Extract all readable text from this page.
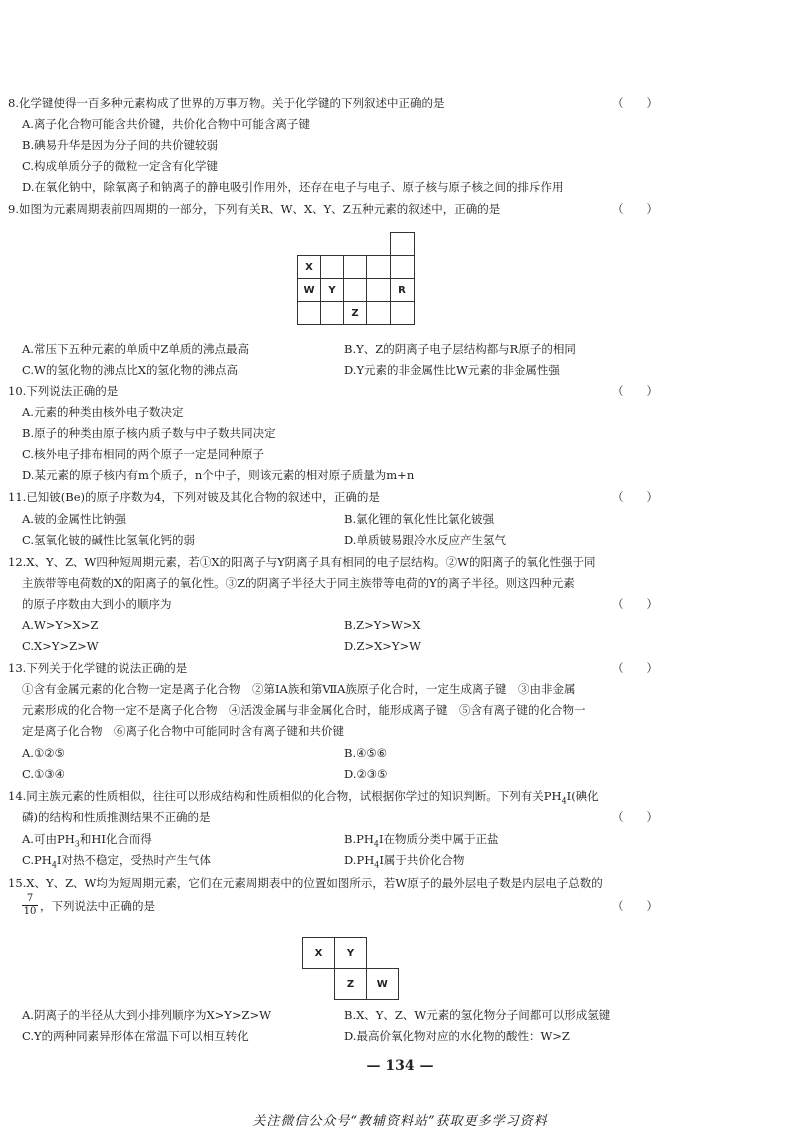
8.化学键使得一百多种元素构成了世界的万事万物。关于化学键的下列叙述中正确的是	（　　）
A.离子化合物可能含共价键，共价化合物中可能含离子键
B.碘易升华是因为分子间的共价键较弱
C.构成单质分子的微粒一定含有化学键
D.在氧化钠中，除氧离子和钠离子的静电吸引作用外，还存在电子与电子、原子核与原子核之间的排斥作用
9.如图为元素周期表前四周期的一部分，下列有关R、W、X、Y、Z五种元素的叙述中，正确的是	（　　）

X				
W	Y			R
		Z		
A.常压下五种元素的单质中Z单质的沸点最高	B.Y、Z的阴离子电子层结构都与R原子的相同
C.W的氢化物的沸点比X的氢化物的沸点高	D.Y元素的非金属性比W元素的非金属性强
10.下列说法正确的是	（　　）
A.元素的种类由核外电子数决定
B.原子的种类由原子核内质子数与中子数共同决定
C.核外电子排布相同的两个原子一定是同种原子
D.某元素的原子核内有m个质子，n个中子，则该元素的相对原子质量为m+n
11.已知铍(Be)的原子序数为4，下列对铍及其化合物的叙述中，正确的是	（　　）
A.铍的金属性比钠强	B.氯化锂的氧化性比氯化铍强
C.氢氧化铍的碱性比氢氧化钙的弱	D.单质铍易跟冷水反应产生氢气
12.X、Y、Z、W四种短周期元素，若①X的阳离子与Y阴离子具有相同的电子层结构。②W的阳离子的氧化性强于同
主族带等电荷数的X的阳离子的氧化性。③Z的阴离子半径大于同主族带等电荷的Y的离子半径。则这四种元素
的原子序数由大到小的顺序为	（　　）
A.W>Y>X>Z	B.Z>Y>W>X
C.X>Y>Z>W	D.Z>X>Y>W
13.下列关于化学键的说法正确的是	（　　）
①含有金属元素的化合物一定是离子化合物　②第ⅠA族和第ⅦA族原子化合时，一定生成离子键　③由非金属
元素形成的化合物一定不是离子化合物　④活泼金属与非金属化合时，能形成离子键　⑤含有离子键的化合物一
定是离子化合物　⑥离子化合物中可能同时含有离子键和共价键
A.①②⑤	B.④⑤⑥
C.①③④	D.②③⑤
14.同主族元素的性质相似，往往可以形成结构和性质相似的化合物，试根据你学过的知识判断。下列有关$PH_4I$(碘化
磷)的结构和性质推测结果不正确的是	（　　）
A.可由$PH_3$和HI化合而得	$B.PH_4I$在物质分类中属于正盐
$C.PH_4I$对热不稳定，受热时产生气体	$D.PH_4I$属于共价化合物
15.X、Y、Z、W均为短周期元素，它们在元素周期表中的位置如图所示，若W原子的最外层电子数是内层电子总数的
$\frac{7}{10}$ ，下列说法中正确的是	（　　）
X	Y	
	Z	W
A.阴离子的半径从大到小排列顺序为X>Y>Z>W	B.X、Y、Z、W元素的氢化物分子间都可以形成氢键
C.Y的两种同素异形体在常温下可以相互转化	D.最高价氧化物对应的水化物的酸性：W>Z
— 134 —
关注微信公众号“教辅资料站”获取更多学习资料
